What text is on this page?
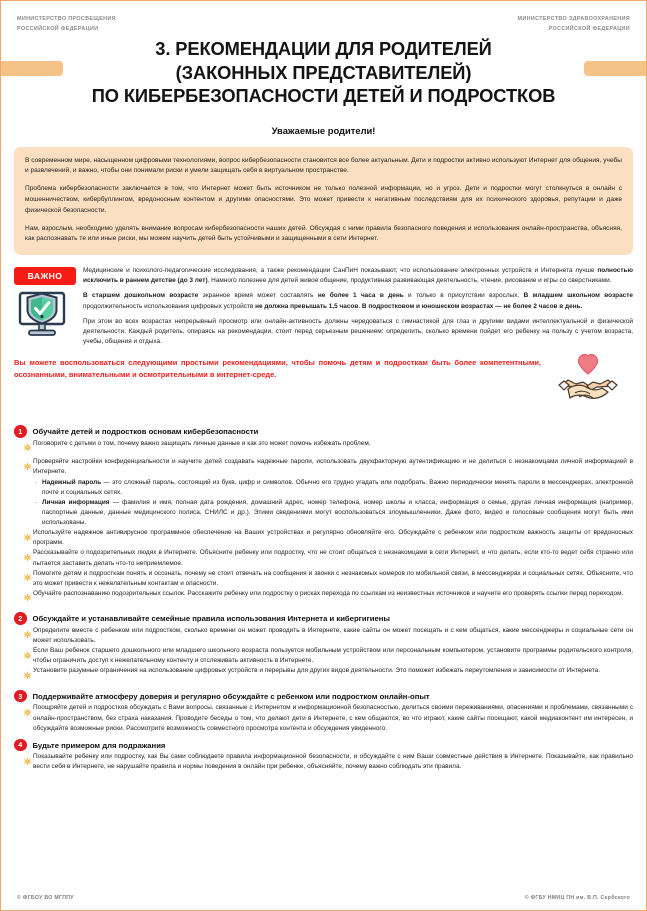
МИНИСТЕРСТВО ПРОСВЕЩЕНИЯ
РОССИЙСКОЙ ФЕДЕРАЦИИ
МИНИСТЕРСТВО ЗДРАВООХРАНЕНИЯ
РОССИЙСКОЙ ФЕДЕРАЦИИ
3. РЕКОМЕНДАЦИИ ДЛЯ РОДИТЕЛЕЙ
(ЗАКОННЫХ ПРЕДСТАВИТЕЛЕЙ)
ПО КИБЕРБЕЗОПАСНОСТИ ДЕТЕЙ И ПОДРОСТКОВ
Уважаемые родители!

В современном мире, насыщенном цифровыми технологиями, вопрос кибербезопасности становится все более актуальным. Дети и подростки активно используют Интернет для общения, учебы и развлечений, и важно, чтобы они понимали риски и умели защищать себя в виртуальном пространстве.

Проблема кибербезопасности заключается в том, что Интернет может быть источником не только полезной информации, но и угроз. Дети и подростки могут столкнуться в онлайн с мошенничеством, кибербуллингом, вредоносным контентом и другими опасностями. Это может привести к негативным последствиям для их психического здоровья, репутации и даже физической безопасности.

Нам, взрослым, необходимо уделять внимание вопросам кибербезопасности наших детей. Обсуждая с ними правила безопасного поведения и использования онлайн-пространства, объясняя, как распознавать те или иные риски, мы можем научить детей быть устойчивыми и защищенными в сети Интернет.

ВАЖНО

Медицинские и психолого-педагогические исследования, а также рекомендации СанПиН показывают, что использование электронных устройств и Интернета лучше полностью исключить в раннем детстве (до 3 лет). Намного полезнее для детей живое общение, продуктивная развивающая деятельность, чтение, рисование и игры со сверстниками.

В старшем дошкольном возрасте экранное время может составлять не более 1 часа в день и только в присутствии взрослых. В младшем школьном возрасте продолжительность использования цифровых устройств не должна превышать 1,5 часов. В подростковом и юношеском возрастах — не более 2 часов в день.

При этом во всех возрастах непрерывный просмотр или онлайн-активность должны чередоваться с гимнастикой для глаз и другими видами интеллектуальной и физической деятельности. Каждый родитель, опираясь на рекомендации, стоит перед серьезным решением: определить, сколько времени пойдет его ребенку на пользу с учетом возраста, учебы, общения и отдыха.

Вы можете воспользоваться следующими простыми рекомендациями, чтобы помочь детям и подросткам быть более компетентными, осознанными, внимательными и осмотрительными в интернет-среде.
1	Обучайте детей и подростков основам кибербезопасности
Поговорите с детьми о том, почему важно защищать личные данные и как это может помочь избежать проблем.
Проверяйте настройки конфиденциальности и научите детей создавать надежные пароли, использовать двухфакторную аутентификацию и не делиться с незнакомцами личной информацией в Интернете.
· Надежный пароль — это сложный пароль, состоящий из букв, цифр и символов. Обычно его трудно угадать или подобрать. Важно периодически менять пароли в мессенджерах, электронной почте и социальных сетях.
· Личная информация — фамилия и имя, полная дата рождения, домашний адрес, номер телефона, номер школы и класса, информация о семье, другая личная информация (например, паспортные данные, данные медицинского полиса, СНИЛС и др.). Этими сведениями могут воспользоваться злоумышленники. Даже фото, видео и голосовые сообщения могут быть ими использованы.
Используйте надежное антивирусное программное обеспечение на Ваших устройствах и регулярно обновляйте его. Обсуждайте с ребенком или подростком важность защиты от вредоносных программ.
Рассказывайте о подозрительных людях в Интернете. Объясните ребенку или подростку, что не стоит общаться с незнакомцами в сети Интернет, и что делать, если кто-то ведет себя странно или пытается заставить делать что-то неприемлемое.
Помогите детям и подросткам понять и осознать, почему не стоит отвечать на сообщения и звонки с незнакомых номеров по мобильной связи, в мессенджерах и социальных сетях. Объясните, что это может привести к нежелательным контактам и опасности.
Обучайте распознаванию подозрительных ссылок. Расскажите ребенку или подростку о рисках перехода по ссылкам из неизвестных источников и научите его проверять ссылки перед переходом.
2	Обсуждайте и устанавливайте семейные правила использования Интернета и кибергигиены
Определите вместе с ребенком или подростком, сколько времени он может проводить в Интернете, какие сайты он может посещать и с кем общаться, какие мессенджеры и социальные сети он может использовать.
Если Ваш ребенок старшего дошкольного или младшего школьного возраста пользуется мобильным устройством или персональным компьютером, установите программы родительского контроля, чтобы ограничить доступ к нежелательному контенту и отслеживать активность в Интернете.
Установите разумные ограничения на использование цифровых устройств и перерывы для других видов деятельности. Это поможет избежать переутомления и зависимости от Интернета.
3	Поддерживайте атмосферу доверия и регулярно обсуждайте с ребенком или подростком онлайн-опыт
Поощряйте детей и подростков обсуждать с Вами вопросы, связанные с Интернетом и информационной безопасностью, делиться своими переживаниями, опасениями и проблемами, связанными с онлайн-пространством, без страха наказания. Проводите беседы о том, что делают дети в Интернете, с кем общаются, во что играют, какие сайты посещают, какой медиаконтент им интересен, и обсуждайте возможные риски. Рассмотрите возможность совместного просмотра контента и обсуждения увиденного.
4	Будьте примером для подражания
Показывайте ребенку или подростку, как Вы сами соблюдаете правила информационной безопасности, и обсуждайте с ним Ваши совместные действия в Интернете. Показывайте, как правильно вести себя в Интернете, не нарушайте правила и нормы поведения в онлайн при ребенке, объясняйте, почему важно соблюдать эти правила.
© ФГБОУ ВО МГППУ	© ФГБУ НМИЦ ПН им. В.П. Сербского
